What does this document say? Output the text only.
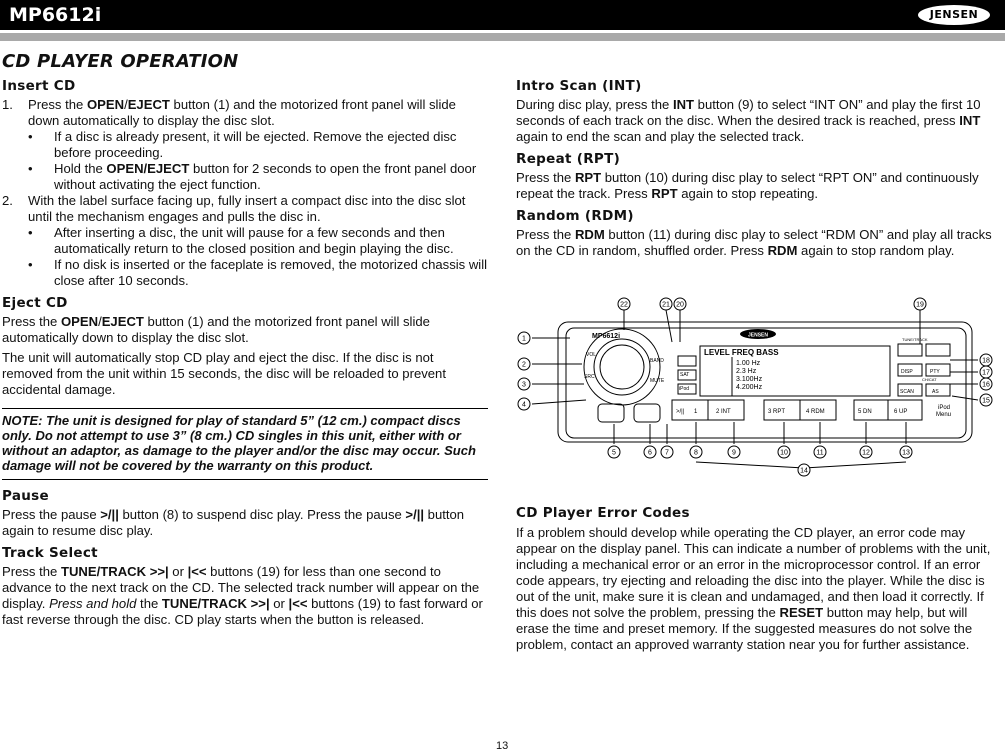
MP6612i	JENSEN
CD PLAYER OPERATION
Insert CD
1.	Press the OPEN/EJECT button (1) and the motorized front panel will slide down automatically to display the disc slot.

•	If a disc is already present, it will be ejected. Remove the ejected disc before proceeding.

•	Hold the OPEN/EJECT button for 2 seconds to open the front panel door without activating the eject function.

2.	With the label surface facing up, fully insert a compact disc into the disc slot until the mechanism engages and pulls the disc in.

•	After inserting a disc, the unit will pause for a few seconds and then automatically return to the closed position and begin playing the disc.

•	If no disk is inserted or the faceplate is removed, the motorized chassis will close after 10 seconds.

Eject CD

Press the OPEN/EJECT button (1) and the motorized front panel will slide automatically down to display the disc slot.

The unit will automatically stop CD play and eject the disc. If the disc is not removed from the unit within 15 seconds, the disc will be reloaded to prevent accidental damage.

NOTE: The unit is designed for play of standard 5” (12 cm.) compact discs only. Do not attempt to use 3” (8 cm.) CD singles in this unit, either with or without an adaptor, as damage to the player and/or the disc may occur. Such damage will not be covered by the warranty on this product.
Pause

Press the pause >/|| button (8) to suspend disc play. Press the pause >/|| button again to resume disc play.

Track Select

Press the TUNE/TRACK >>| or |<< buttons (19) for less than one second to advance to the next track on the CD. The selected track number will appear on the display. Press and hold the TUNE/TRACK >>| or |<< buttons (19) to fast forward or fast reverse through the disc. CD play starts when the button is released.

Intro Scan (INT)

During disc play, press the INT button (9) to select “INT ON” and play the first 10 seconds of each track on the disc. When the desired track is reached, press INT again to end the scan and play the selected track.

Repeat (RPT)

Press the RPT button (10) during disc play to select “RPT ON” and continuously repeat the track. Press RPT again to stop repeating.

Random (RDM)

Press the RDM button (11) during disc play to select “RDM ON” and play all tracks on the CD in random, shuffled order. Press RDM again to stop random play.

MP6612i	JENSEN
LEVEL FREQ BASS
1.00 Hz
2.3 Hz
3.100Hz
4.200Hz
VOL
SRC
BAND
MUTE
SAT
iPod
>/|| 1	2 INT	3 RPT	4 RDM	5 DN	6 UP
iPod
Menu
TUNE/TRACK
DISP	PTY
CH/CAT
SCAN	AS
1
2
3
4
5	6 7	8	9	10	11	12	13
14
15
16
17
18
19
20
21
22
CD Player Error Codes

If a problem should develop while operating the CD player, an error code may appear on the display panel. This can indicate a number of problems with the unit, including a mechanical error or an error in the microprocessor control. If an error code appears, try ejecting and reloading the disc into the player. While the disc is out of the unit, make sure it is clean and undamaged, and then load it correctly. If this does not solve the problem, pressing the RESET button may help, but will erase the time and preset memory. If the suggested measures do not solve the problem, contact an approved warranty station near you for further assistance.

13
